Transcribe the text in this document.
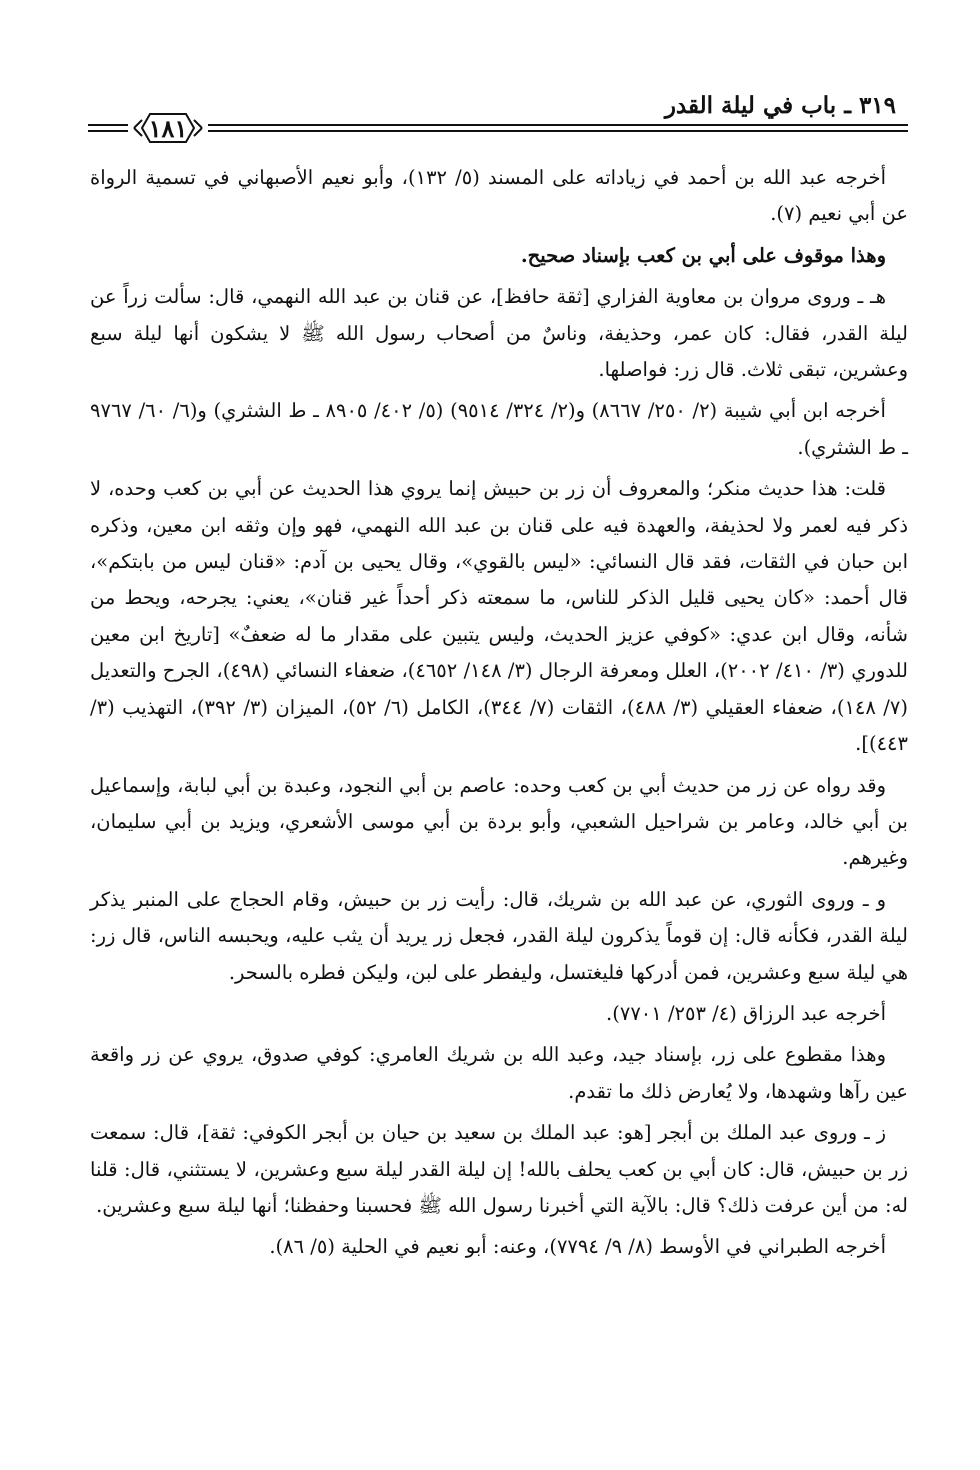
٣١٩ ـ باب في ليلة القدر
١٨١

أخرجه عبد الله بن أحمد في زياداته على المسند (٥/ ١٣٢)، وأبو نعيم الأصبهاني في تسمية الرواة عن أبي نعيم (٧).

وهذا موقوف على أبي بن كعب بإسناد صحيح.

هـ ـ وروى مروان بن معاوية الفزاري [ثقة حافظ]، عن قنان بن عبد الله النهمي، قال: سألت زراً عن ليلة القدر، فقال: كان عمر، وحذيفة، وناسٌ من أصحاب رسول الله ﷺ لا يشكون أنها ليلة سبع وعشرين، تبقى ثلاث. قال زر: فواصلها.

أخرجه ابن أبي شيبة (٢/ ٢٥٠/ ٨٦٦٧) و(٢/ ٣٢٤/ ٩٥١٤) (٥/ ٤٠٢/ ٨٩٠٥ ـ ط الشثري) و(٦/ ٦٠/ ٩٧٦٧ ـ ط الشثري).

قلت: هذا حديث منكر؛ والمعروف أن زر بن حبيش إنما يروي هذا الحديث عن أبي بن كعب وحده، لا ذكر فيه لعمر ولا لحذيفة، والعهدة فيه على قنان بن عبد الله النهمي، فهو وإن وثقه ابن معين، وذكره ابن حبان في الثقات، فقد قال النسائي: «ليس بالقوي»، وقال يحيى بن آدم: «قنان ليس من بابتكم»، قال أحمد: «كان يحيى قليل الذكر للناس، ما سمعته ذكر أحداً غير قنان»، يعني: يجرحه، ويحط من شأنه، وقال ابن عدي: «كوفي عزيز الحديث، وليس يتبين على مقدار ما له ضعفٌ» [تاريخ ابن معين للدوري (٣/ ٤١٠/ ٢٠٠٢)، العلل ومعرفة الرجال (٣/ ١٤٨/ ٤٦٥٢)، ضعفاء النسائي (٤٩٨)، الجرح والتعديل (٧/ ١٤٨)، ضعفاء العقيلي (٣/ ٤٨٨)، الثقات (٧/ ٣٤٤)، الكامل (٦/ ٥٢)، الميزان (٣/ ٣٩٢)، التهذيب (٣/ ٤٤٣)].

وقد رواه عن زر من حديث أبي بن كعب وحده: عاصم بن أبي النجود، وعبدة بن أبي لبابة، وإسماعيل بن أبي خالد، وعامر بن شراحيل الشعبي، وأبو بردة بن أبي موسى الأشعري، ويزيد بن أبي سليمان، وغيرهم.

و ـ وروى الثوري، عن عبد الله بن شريك، قال: رأيت زر بن حبيش، وقام الحجاج على المنبر يذكر ليلة القدر، فكأنه قال: إن قوماً يذكرون ليلة القدر، فجعل زر يريد أن يثب عليه، ويحبسه الناس، قال زر: هي ليلة سبع وعشرين، فمن أدركها فليغتسل، وليفطر على لبن، وليكن فطره بالسحر.

أخرجه عبد الرزاق (٤/ ٢٥٣/ ٧٧٠١).

وهذا مقطوع على زر، بإسناد جيد، وعبد الله بن شريك العامري: كوفي صدوق، يروي عن زر واقعة عين رآها وشهدها، ولا يُعارض ذلك ما تقدم.

ز ـ وروى عبد الملك بن أبجر [هو: عبد الملك بن سعيد بن حيان بن أبجر الكوفي: ثقة]، قال: سمعت زر بن حبيش، قال: كان أبي بن كعب يحلف بالله! إن ليلة القدر ليلة سبع وعشرين، لا يستثني، قال: قلنا له: من أين عرفت ذلك؟ قال: بالآية التي أخبرنا رسول الله ﷺ فحسبنا وحفظنا؛ أنها ليلة سبع وعشرين.

أخرجه الطبراني في الأوسط (٨/ ٩/ ٧٧٩٤)، وعنه: أبو نعيم في الحلية (٥/ ٨٦).
